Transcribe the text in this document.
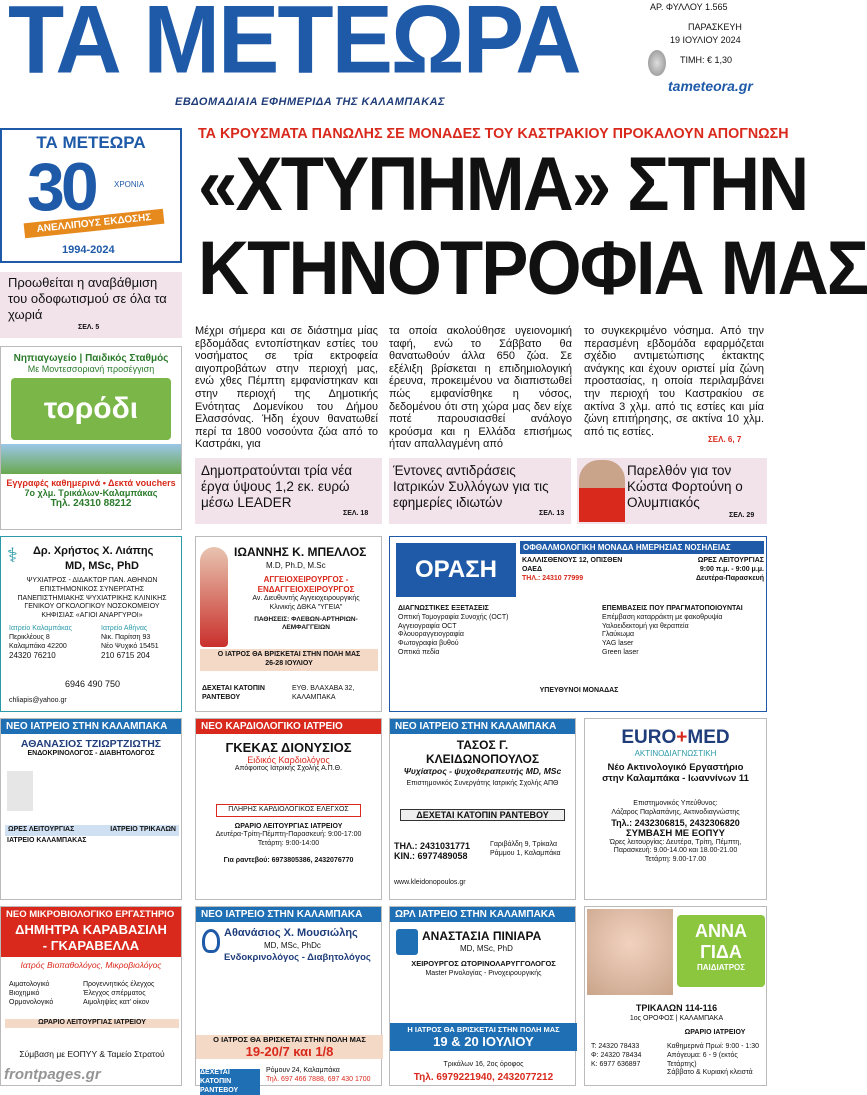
ΤΑ ΜΕΤΕΩΡΑ
ΕΒΔΟΜΑΔΙΑΙΑ ΕΦΗΜΕΡΙΔΑ ΤΗΣ ΚΑΛΑΜΠΑΚΑΣ
ΑΡ. ΦΥΛΛΟΥ 1.565
ΠΑΡΑΣΚΕΥΗ
19 ΙΟΥΛΙΟΥ 2024
ΤΙΜΗ: € 1,30
tameteora.gr
ΤΑ ΜΕΤΕΩΡΑ
30 ΧΡΟΝΙΑ
ΑΝΕΛΛΙΠΟΥΣ ΕΚΔΟΣΗΣ
1994-2024
Προωθείται η αναβάθμιση του οδοφωτισμού σε όλα τα χωριά
ΣΕΛ. 5
Νηπιαγωγείο | Παιδικός Σταθμός
Με Μοντεσσοριανή προσέγγιση
τορόδι
Εγγραφές καθημερινά • Δεκτά vouchers
7ο χλμ. Τρικάλων-Καλαμπάκας
Τηλ. 24310 88212
ΤΑ ΚΡΟΥΣΜΑΤΑ ΠΑΝΩΛΗΣ ΣΕ ΜΟΝΑΔΕΣ ΤΟΥ ΚΑΣΤΡΑΚΙΟΥ ΠΡΟΚΑΛΟΥΝ ΑΠΟΓΝΩΣΗ
«ΧΤΥΠΗΜΑ» ΣΤΗΝ
ΚΤΗΝΟΤΡΟΦΙΑ ΜΑΣ
Μέχρι σήμερα και σε διάστημα μίας εβδομάδας εντοπίστηκαν εστίες του νοσήματος σε τρία εκτροφεία αιγοπροβάτων στην περιοχή μας, ενώ χθες Πέμπτη εμφανίστηκαν και στην περιοχή της Δημοτικής Ενότητας Δομενίκου του Δήμου Ελασσόνας. Ήδη έχουν θανατωθεί περί τα 1800 νοσούντα ζώα από το Καστράκι, για
τα οποία ακολούθησε υγειονομική ταφή, ενώ το Σάββατο θα θανατωθούν άλλα 650 ζώα. Σε εξέλιξη βρίσκεται η επιδημιολογική έρευνα, προκειμένου να διαπιστωθεί πώς εμφανίσθηκε η νόσος, δεδομένου ότι στη χώρα μας δεν είχε ποτέ παρουσιασθεί ανάλογο κρούσμα και η Ελλάδα επισήμως ήταν απαλλαγμένη από
το συγκεκριμένο νόσημα. Από την περασμένη εβδομάδα εφαρμόζεται σχέδιο αντιμετώπισης έκτακτης ανάγκης και έχουν οριστεί μία ζώνη προστασίας, η οποία περιλαμβάνει την περιοχή του Καστρακίου σε ακτίνα 3 χλμ. από τις εστίες και μία ζώνη επιτήρησης, σε ακτίνα 10 χλμ. από τις εστίες.
ΣΕΛ. 6, 7
Δημοπρατούνται τρία νέα έργα ύψους 1,2 εκ. ευρώ μέσω LEADER
ΣΕΛ. 18
Έντονες αντιδράσεις Ιατρικών Συλλόγων για τις εφημερίες ιδιωτών
ΣΕΛ. 13
Παρελθόν για τον Κώστα Φορτούνη ο Ολυμπιακός
ΣΕΛ. 29
⚕ Δρ. Χρήστος Χ. Λιάπης
MD, MSc, PhD
ΨΥΧΙΑΤΡΟΣ - ΔΙΔΑΚΤΩΡ ΠΑΝ. ΑΘΗΝΩΝ
ΕΠΙΣΤΗΜΟΝΙΚΟΣ ΣΥΝΕΡΓΑΤΗΣ
ΠΑΝΕΠΙΣΤΗΜΙΑΚΗΣ ΨΥΧΙΑΤΡΙΚΗΣ ΚΛΙΝΙΚΗΣ
ΓΕΝΙΚΟΥ ΟΓΚΟΛΟΓΙΚΟΥ ΝΟΣΟΚΟΜΕΙΟΥ
ΚΗΦΙΣΙΑΣ «ΑΓΙΟΙ ΑΝΑΡΓΥΡΟΙ»
Ιατρείο Καλαμπάκας
Περικλέους 8
Καλαμπάκα 42200
24320 76210
Ιατρείο Αθήνας
Νικ. Παρίτση 93
Νέο Ψυχικό 15451
210 6715 204
6946 490 750
chliapis@yahoo.gr
ΙΩΑΝΝΗΣ Κ. ΜΠΕΛΛΟΣ
M.D, Ph.D, M.Sc
ΑΓΓΕΙΟΧΕΙΡΟΥΡΓΟΣ -
ΕΝΔΑΓΓΕΙΟΧΕΙΡΟΥΡΓΟΣ
Αν. Διευθυντής Αγγειοχειρουργικής
Κλινικής ΔΘΚΑ "ΥΓΕΙΑ"
ΠΑΘΗΣΕΙΣ: ΦΛΕΒΩΝ-ΑΡΤΗΡΙΩΝ-ΛΕΜΦΑΓΓΕΙΩΝ
Ο ΙΑΤΡΟΣ ΘΑ ΒΡΙΣΚΕΤΑΙ ΣΤΗΝ ΠΟΛΗ ΜΑΣ
26-28 ΙΟΥΛΙΟΥ
ΔΕΧΕΤΑΙ ΚΑΤΟΠΙΝ ΡΑΝΤΕΒΟΥ
ΕΥΘ. ΒΛΑΧΑΒΑ 32, ΚΑΛΑΜΠΑΚΑ
ΟΡΑΣΗ
ΟΦΘΑΛΜΟΛΟΓΙΚΗ ΜΟΝΑΔΑ ΗΜΕΡΗΣΙΑΣ ΝΟΣΗΛΕΙΑΣ
ΚΑΛΛΙΣΘΕΝΟΥΣ 12, ΟΠΙΣΘΕΝ ΟΑΕΔ
ΤΗΛ.: 24310 77999
ΩΡΕΣ ΛΕΙΤΟΥΡΓΙΑΣ
9:00 π.μ. - 9:00 μ.μ.
Δευτέρα-Παρασκευή
ΔΙΑΓΝΩΣΤΙΚΕΣ ΕΞΕΤΑΣΕΙΣ
Οπτική Τομογραφία Συνοχής (OCT)
Αγγειογραφία OCT
Φλουοραγγειογραφία
Φωτογραφία βυθού
Οπτικά πεδία
ΕΠΕΜΒΑΣΕΙΣ ΠΟΥ ΠΡΑΓΜΑΤΟΠΟΙΟΥΝΤΑΙ
Επέμβαση καταρράκτη με φακοθρυψία
Υαλοειδεκτομή για θεραπεία
Γλαύκωμα
YAG laser
Green laser
ΥΠΕΥΘΥΝΟΙ ΜΟΝΑΔΑΣ
ΝΕΟ ΙΑΤΡΕΙΟ ΣΤΗΝ ΚΑΛΑΜΠΑΚΑ
ΑΘΑΝΑΣΙΟΣ ΤΖΙΩΡΤΖΙΩΤΗΣ
ΕΝΔΟΚΡΙΝΟΛΟΓΟΣ - ΔΙΑΒΗΤΟΛΟΓΟΣ
ΩΡΕΣ ΛΕΙΤΟΥΡΓΙΑΣ	ΙΑΤΡΕΙΟ ΤΡΙΚΑΛΩΝ
ΙΑΤΡΕΙΟ ΚΑΛΑΜΠΑΚΑΣ
ΝΕΟ ΚΑΡΔΙΟΛΟΓΙΚΟ ΙΑΤΡΕΙΟ
ΓΚΕΚΑΣ ΔΙΟΝΥΣΙΟΣ
Ειδικός Καρδιολόγος
Απόφοιτος Ιατρικής Σχολής Α.Π.Θ.
ΠΛΗΡΗΣ ΚΑΡΔΙΟΛΟΓΙΚΟΣ ΕΛΕΓΧΟΣ
ΩΡΑΡΙΟ ΛΕΙΤΟΥΡΓΙΑΣ ΙΑΤΡΕΙΟΥ
Δευτέρα-Τρίτη-Πέμπτη-Παρασκευή: 9:00-17:00
Τετάρτη: 9:00-14:00
Για ραντεβού: 6973805386, 2432076770
ΝΕΟ ΙΑΤΡΕΙΟ ΣΤΗΝ ΚΑΛΑΜΠΑΚΑ
ΤΑΣΟΣ Γ.
ΚΛΕΙΔΩΝΟΠΟΥΛΟΣ
Ψυχίατρος - ψυχοθεραπευτής MD, MSc
Επιστημονικός Συνεργάτης Ιατρικής Σχολής ΑΠΘ
ΔΕΧΕΤΑΙ ΚΑΤΟΠΙΝ ΡΑΝΤΕΒΟΥ
ΤΗΛ.: 2431031771
ΚΙΝ.: 6977489058
Γαριβάλδη 9, Τρίκαλα
Ράμμου 1, Καλαμπάκα
www.kleidonopoulos.gr
EURO+MED
ΑΚΤΙΝΟΔΙΑΓΝΩΣΤΙΚΗ
Νέο Ακτινολογικό Εργαστήριο
στην Καλαμπάκα - Ιωαννίνων 11
Επιστημονικός Υπεύθυνος:
Λάζαρος Παρλαπάνης, Ακτινοδιαγνώστης
Τηλ.: 2432306815, 2432306820
ΣΥΜΒΑΣΗ ΜΕ ΕΟΠΥΥ
Ώρες λειτουργίας: Δευτέρα, Τρίτη, Πέμπτη,
Παρασκευή: 9.00-14.00 και 18.00-21.00
Τετάρτη: 9.00-17.00
ΝΕΟ ΜΙΚΡΟΒΙΟΛΟΓΙΚΟ ΕΡΓΑΣΤΗΡΙΟ
ΔΗΜΗΤΡΑ ΚΑΡΑΒΑΣΙΛΗ
- ΓΚΑΡΑΒΕΛΛΑ
Ιατρός Βιοπαθολόγος, Μικροβιολόγος
Αιματολογικό
Βιοχημικό
Ορμονολογικό
Προγεννητικός έλεγχος
Έλεγχος σπέρματος
Αιμοληψίες κατ' οίκον
ΩΡΑΡΙΟ ΛΕΙΤΟΥΡΓΙΑΣ ΙΑΤΡΕΙΟΥ
Σύμβαση με ΕΟΠΥΥ & Ταμείο Στρατού
ΝΕΟ ΙΑΤΡΕΙΟ ΣΤΗΝ ΚΑΛΑΜΠΑΚΑ
Αθανάσιος Χ. Μουσιώλης
MD, MSc, PhDc
Ενδοκρινολόγος - Διαβητολόγος
Ο ΙΑΤΡΟΣ ΘΑ ΒΡΙΣΚΕΤΑΙ ΣΤΗΝ ΠΟΛΗ ΜΑΣ
19-20/7 και 1/8
ΔΕΧΕΤΑΙ ΚΑΤΟΠΙΝ ΡΑΝΤΕΒΟΥ
Ρόμουν 24, Καλαμπάκα
Τηλ. 697 466 7888, 697 430 1700
ΩΡΛ ΙΑΤΡΕΙΟ ΣΤΗΝ ΚΑΛΑΜΠΑΚΑ
ΑΝΑΣΤΑΣΙΑ ΠΙΝΙΑΡΑ
MD, MSc, PhD
ΧΕΙΡΟΥΡΓΟΣ ΩΤΟΡΙΝΟΛΑΡΥΓΓΟΛΟΓΟΣ
Master Ρινολογίας - Ρινοχειρουργικής
Η ΙΑΤΡΟΣ ΘΑ ΒΡΙΣΚΕΤΑΙ ΣΤΗΝ ΠΟΛΗ ΜΑΣ
19 & 20 ΙΟΥΛΙΟΥ
Τρικάλων 16, 2ος όροφος
Τηλ. 6979221940, 2432077212
ΑΝΝΑ
ΓΙΔΑ
ΠΑΙΔΙΑΤΡΟΣ
ΤΡΙΚΑΛΩΝ 114-116
1ος ΟΡΟΦΟΣ | ΚΑΛΑΜΠΑΚΑ
ΩΡΑΡΙΟ ΙΑΤΡΕΙΟΥ
Τ: 24320 78433
Φ: 24320 78434
Κ: 6977 636897
Καθημερινά Πρωί: 9:00 - 1:30
Απόγευμα: 6 - 9 (εκτός Τετάρτης)
Σάββατο & Κυριακή κλειστά
frontpages.gr
